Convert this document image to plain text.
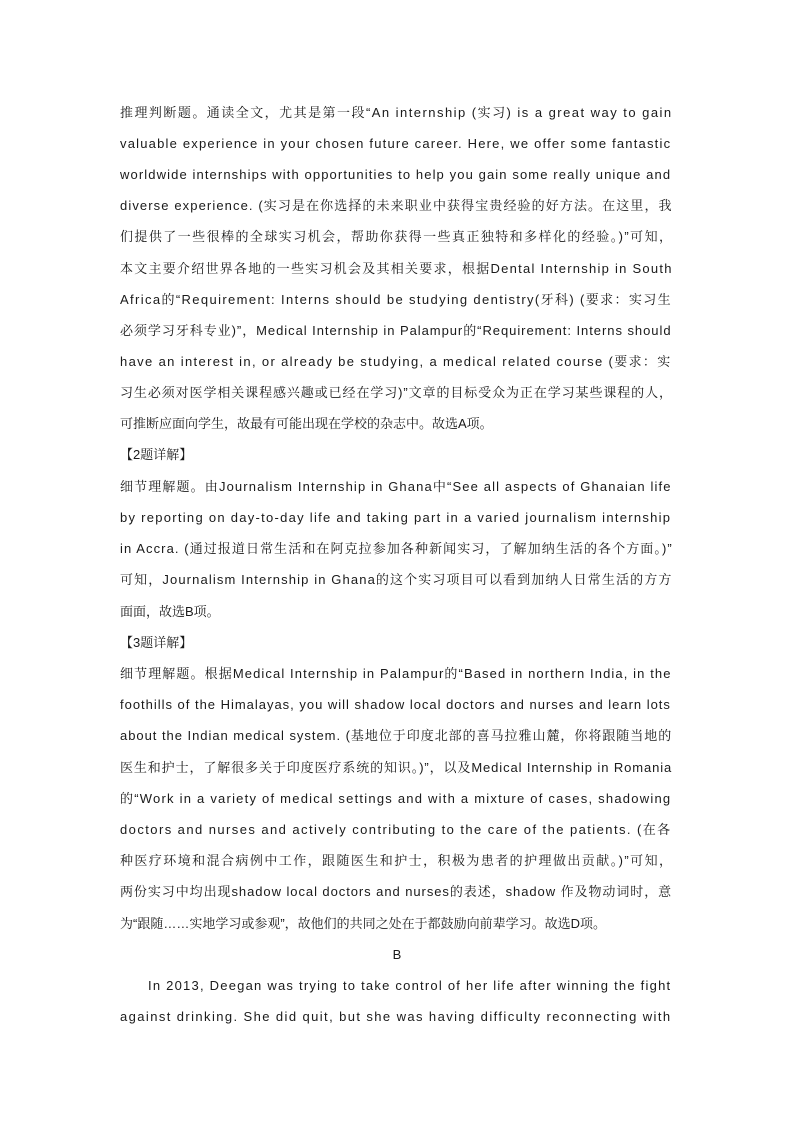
推理判断题。通读全文，尤其是第一段“An internship (实习) is a great way to gain
valuable experience in your chosen future career. Here, we offer some fantastic
worldwide internships with opportunities to help you gain some really unique and
diverse experience. (实习是在你选择的未来职业中获得宝贵经验的好方法。在这里，我
们提供了一些很棒的全球实习机会，帮助你获得一些真正独特和多样化的经验。)”可知，
本文主要介绍世界各地的一些实习机会及其相关要求，根据Dental Internship in South
Africa的“Requirement: Interns should be studying dentistry(牙科) (要求：实习生
必须学习牙科专业)”，Medical Internship in Palampur的“Requirement: Interns should
have an interest in, or already be studying, a medical related course (要求：实
习生必须对医学相关课程感兴趣或已经在学习)”文章的目标受众为正在学习某些课程的人，
可推断应面向学生，故最有可能出现在学校的杂志中。故选A项。
【2题详解】
细节理解题。由Journalism Internship in Ghana中“See all aspects of Ghanaian life
by reporting on day-to-day life and taking part in a varied journalism internship
in Accra. (通过报道日常生活和在阿克拉参加各种新闻实习，了解加纳生活的各个方面。)”
可知，Journalism Internship in Ghana的这个实习项目可以看到加纳人日常生活的方方
面面，故选B项。
【3题详解】
细节理解题。根据Medical Internship in Palampur的“Based in northern India, in the
foothills of the Himalayas, you will shadow local doctors and nurses and learn lots
about the Indian medical system. (基地位于印度北部的喜马拉雅山麓，你将跟随当地的
医生和护士，了解很多关于印度医疗系统的知识。)”，以及Medical Internship in Romania
的“Work in a variety of medical settings and with a mixture of cases, shadowing
doctors and nurses and actively contributing to the care of the patients. (在各
种医疗环境和混合病例中工作，跟随医生和护士，积极为患者的护理做出贡献。)”可知，
两份实习中均出现shadow local doctors and nurses的表述，shadow 作及物动词时，意
为“跟随……实地学习或参观”，故他们的共同之处在于都鼓励向前辈学习。故选D项。
B
In 2013, Deegan was trying to take control of her life after winning the fight
against drinking. She did quit, but she was having difficulty reconnecting with
